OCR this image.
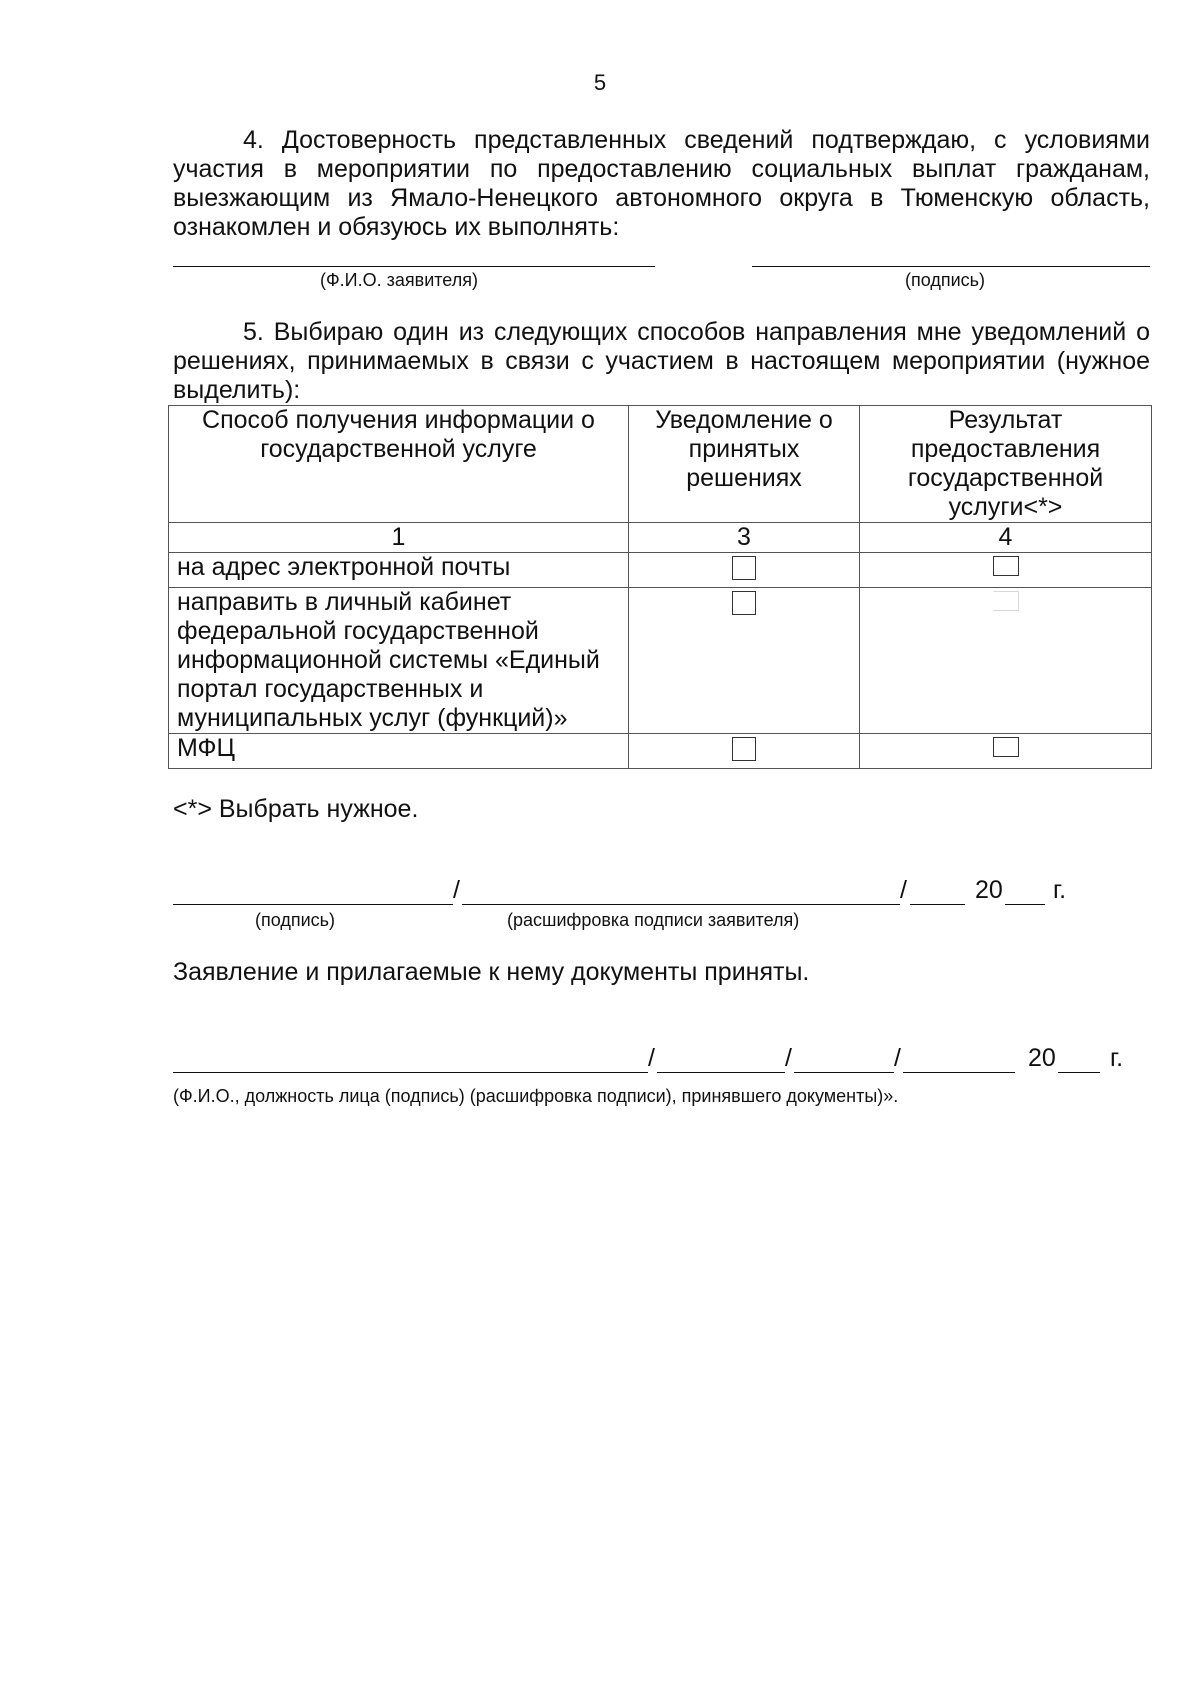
5
4. Достоверность представленных сведений подтверждаю, с условиями участия в мероприятии по предоставлению социальных выплат гражданам, выезжающим из Ямало-Ненецкого автономного округа в Тюменскую область, ознакомлен и обязуюсь их выполнять:
(Ф.И.О. заявителя)	(подпись)
5. Выбираю один из следующих способов направления мне уведомлений о решениях, принимаемых в связи с участием в настоящем мероприятии (нужное выделить):
Способ получения информации о государственной услуге	Уведомление о принятых решениях	Результат предоставления государственной услуги<*>
1	3	4
на адрес электронной почты		
направить в личный кабинет федеральной государственной информационной системы «Единый портал государственных и муниципальных услуг (функций)»		
МФЦ		
<*> Выбрать нужное.
/	/	20 г.
(подпись)	(расшифровка подписи заявителя)
Заявление и прилагаемые к нему документы приняты.
/	/	/	20 г.
(Ф.И.О., должность лица (подпись) (расшифровка подписи), принявшего документы)».
